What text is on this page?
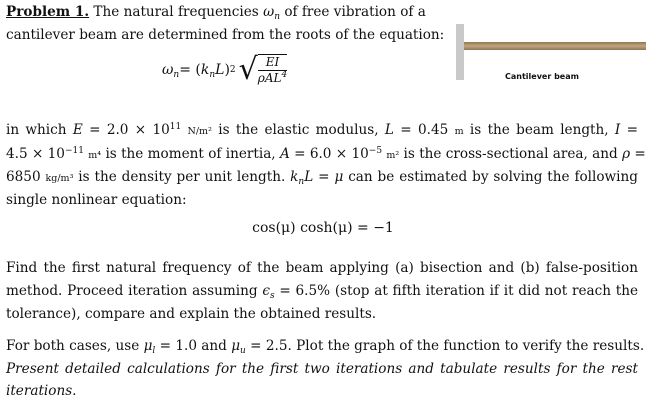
Cantilever beam
Problem 1. The natural frequencies $\omega_n$ of free vibration of a
cantilever beam are determined from the roots of the equation:
$\omega_n$ = ( $k_nL$ ) 2 √ $\frac{EI}{\rho AL^4}$
in which $E = 2.0 \times 10^{11}$ N/m² is the elastic modulus, L = 0.45 m is the beam length, I =
$4.5 \times 10^{-11}$ m⁴ is the moment of inertia, $A = 6.0 \times 10^{-5}$ m² is the cross-sectional area, and ρ =
6850 kg/m³ is the density per unit length. $k_nL = \mu$ can be estimated by solving the following
single nonlinear equation:
cos(μ) cosh(μ) = −1
Find the first natural frequency of the beam applying (a) bisection and (b) false-position
method. Proceed iteration assuming $\epsilon_s = 6.5\%$ (stop at fifth iteration if it did not reach the
tolerance), compare and explain the obtained results.
For both cases, use $\mu_l = 1.0$ and $\mu_u = 2.5$. Plot the graph of the function to verify the results.
Present detailed calculations for the first two iterations and tabulate results for the rest
iterations.
